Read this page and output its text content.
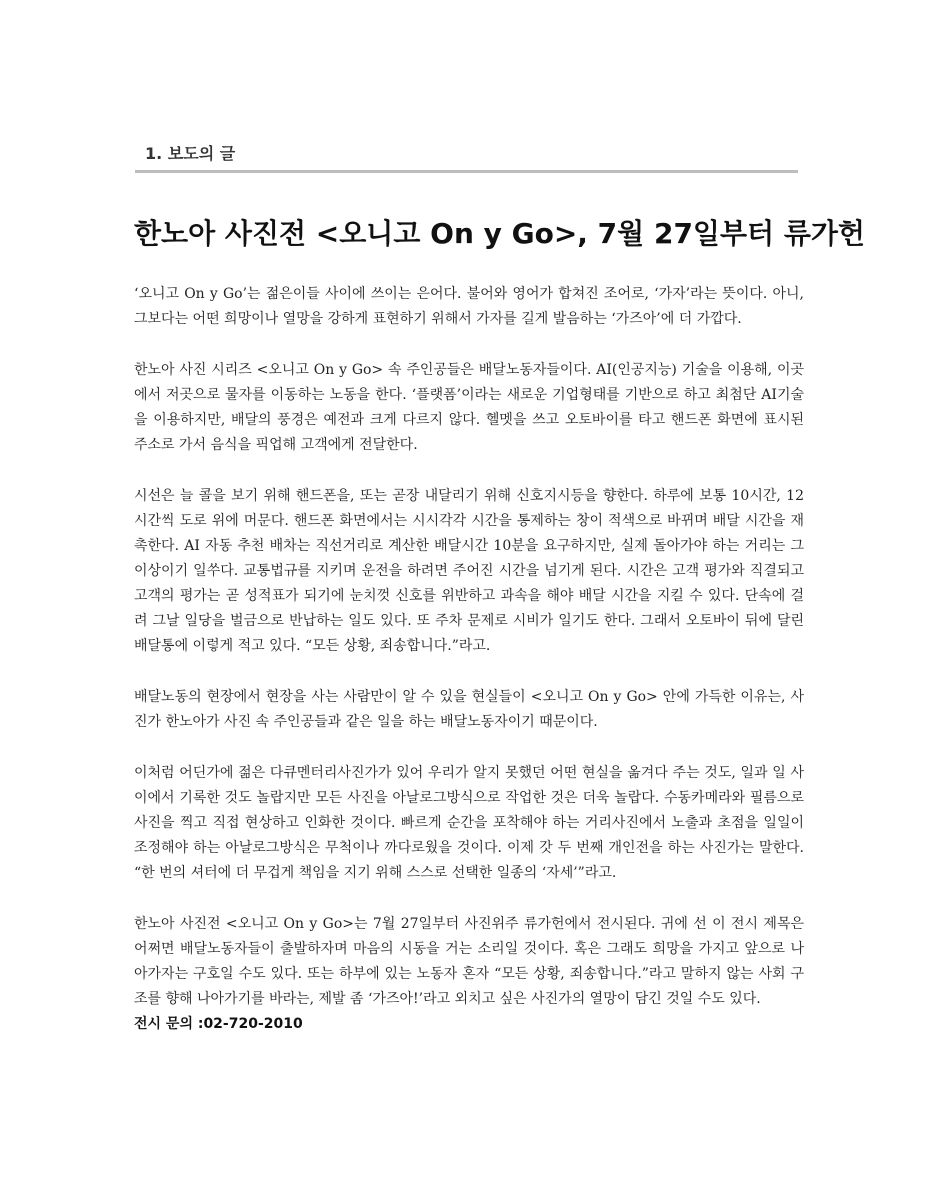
1. 보도의 글
한노아 사진전 <오니고 On y Go>, 7월 27일부터 류가헌

‘오니고 On y Go’는 젊은이들 사이에 쓰이는 은어다. 불어와 영어가 합쳐진 조어로, ‘가자’라는 뜻이다. 아니, 그보다는 어떤 희망이나 열망을 강하게 표현하기 위해서 가자를 길게 발음하는 ‘가즈아’에 더 가깝다.

한노아 사진 시리즈 <오니고 On y Go> 속 주인공들은 배달노동자들이다. AI(인공지능) 기술을 이용해, 이곳에서 저곳으로 물자를 이동하는 노동을 한다. ‘플랫폼’이라는 새로운 기업형태를 기반으로 하고 최첨단 AI기술을 이용하지만, 배달의 풍경은 예전과 크게 다르지 않다. 헬멧을 쓰고 오토바이를 타고 핸드폰 화면에 표시된 주소로 가서 음식을 픽업해 고객에게 전달한다.

시선은 늘 콜을 보기 위해 핸드폰을, 또는 곧장 내달리기 위해 신호지시등을 향한다. 하루에 보통 10시간, 12시간씩 도로 위에 머문다. 핸드폰 화면에서는 시시각각 시간을 통제하는 창이 적색으로 바뀌며 배달 시간을 재촉한다. AI 자동 추천 배차는 직선거리로 계산한 배달시간 10분을 요구하지만, 실제 돌아가야 하는 거리는 그 이상이기 일쑤다. 교통법규를 지키며 운전을 하려면 주어진 시간을 넘기게 된다. 시간은 고객 평가와 직결되고 고객의 평가는 곧 성적표가 되기에 눈치껏 신호를 위반하고 과속을 해야 배달 시간을 지킬 수 있다. 단속에 걸려 그날 일당을 벌금으로 반납하는 일도 있다. 또 주차 문제로 시비가 일기도 한다. 그래서 오토바이 뒤에 달린 배달통에 이렇게 적고 있다. “모든 상황, 죄송합니다.”라고.

배달노동의 현장에서 현장을 사는 사람만이 알 수 있을 현실들이 <오니고 On y Go> 안에 가득한 이유는, 사진가 한노아가 사진 속 주인공들과 같은 일을 하는 배달노동자이기 때문이다.

이처럼 어딘가에 젊은 다큐멘터리사진가가 있어 우리가 알지 못했던 어떤 현실을 옮겨다 주는 것도, 일과 일 사이에서 기록한 것도 놀랍지만 모든 사진을 아날로그방식으로 작업한 것은 더욱 놀랍다. 수동카메라와 필름으로 사진을 찍고 직접 현상하고 인화한 것이다. 빠르게 순간을 포착해야 하는 거리사진에서 노출과 초점을 일일이 조정해야 하는 아날로그방식은 무척이나 까다로웠을 것이다. 이제 갓 두 번째 개인전을 하는 사진가는 말한다. “한 번의 셔터에 더 무겁게 책임을 지기 위해 스스로 선택한 일종의 ‘자세’”라고.

한노아 사진전 <오니고 On y Go>는 7월 27일부터 사진위주 류가헌에서 전시된다. 귀에 선 이 전시 제목은 어쩌면 배달노동자들이 출발하자며 마음의 시동을 거는 소리일 것이다. 혹은 그래도 희망을 가지고 앞으로 나아가자는 구호일 수도 있다. 또는 하부에 있는 노동자 혼자 “모든 상황, 죄송합니다.”라고 말하지 않는 사회 구조를 향해 나아가기를 바라는, 제발 좀 ‘가즈아!’라고 외치고 싶은 사진가의 열망이 담긴 것일 수도 있다.

전시 문의 :02-720-2010
